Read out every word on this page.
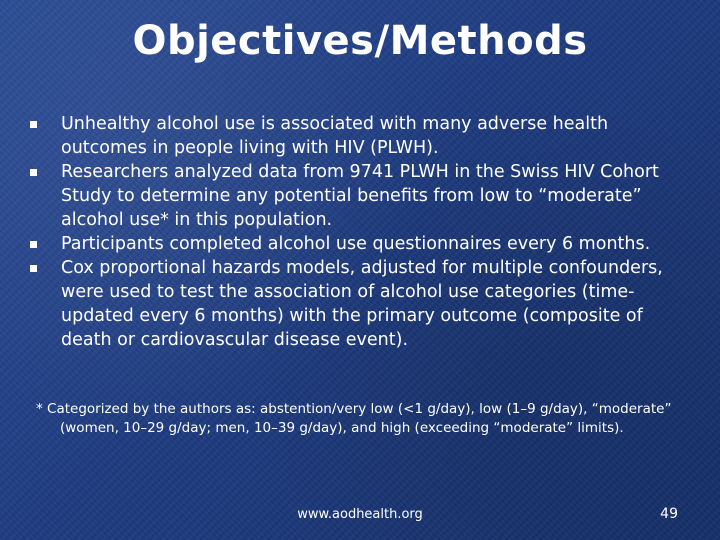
Objectives/Methods
Unhealthy alcohol use is associated with many adverse health outcomes in people living with HIV (PLWH).
Researchers analyzed data from 9741 PLWH in the Swiss HIV Cohort Study to determine any potential benefits from low to “moderate” alcohol use* in this population.
Participants completed alcohol use questionnaires every 6 months.
Cox proportional hazards models, adjusted for multiple confounders, were used to test the association of alcohol use categories (time-updated every 6 months) with the primary outcome (composite of death or cardiovascular disease event).
* Categorized by the authors as: abstention/very low (<1 g/day), low (1–9 g/day), “moderate” (women, 10–29 g/day; men, 10–39 g/day), and high (exceeding “moderate” limits).
www.aodhealth.org	49
